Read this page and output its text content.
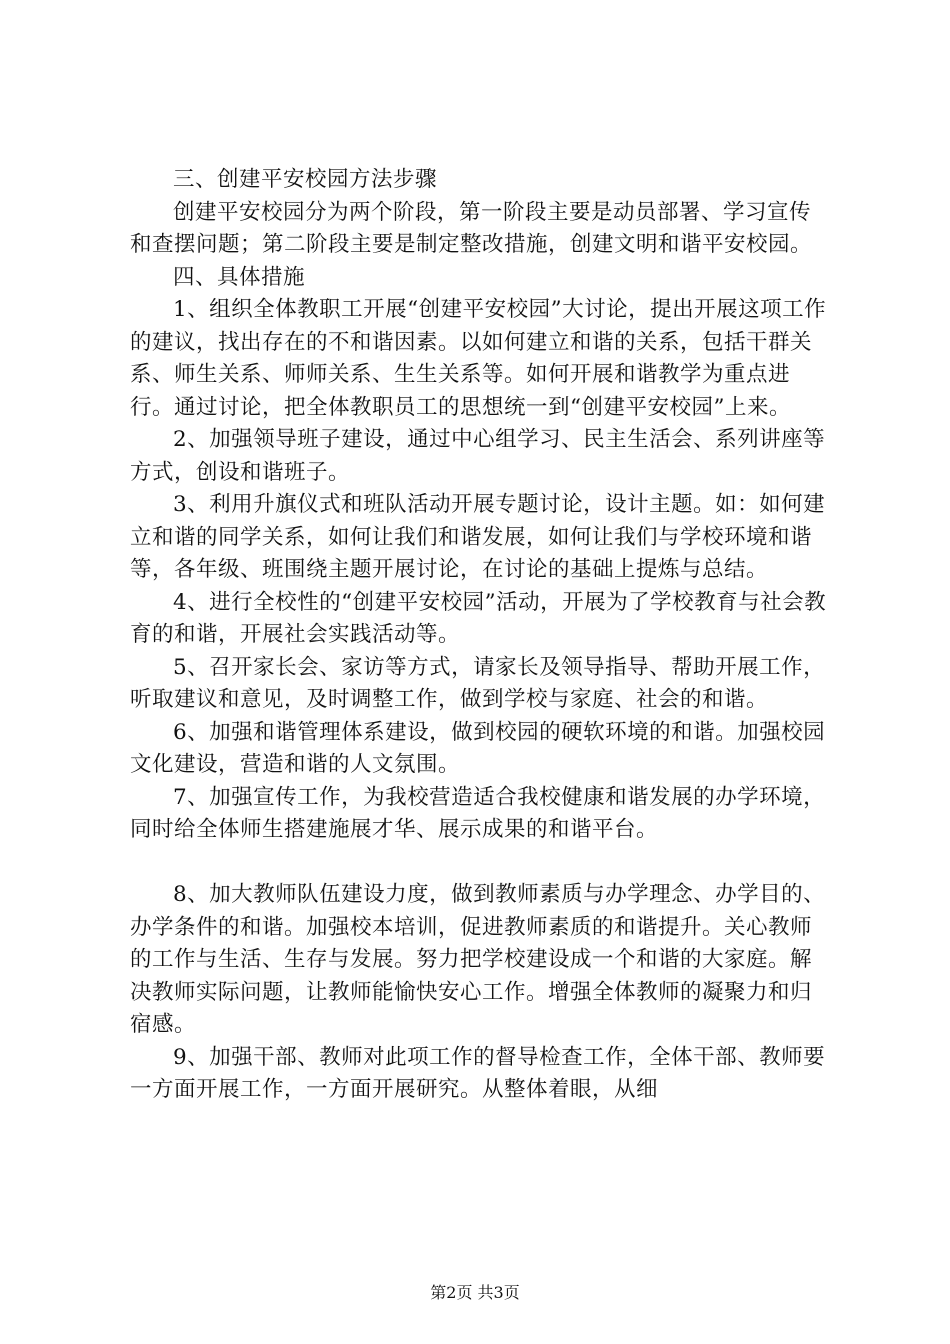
三、创建平安校园方法步骤

创建平安校园分为两个阶段，第一阶段主要是动员部署、学习宣传和查摆问题；第二阶段主要是制定整改措施，创建文明和谐平安校园。

四、具体措施

1、组织全体教职工开展“创建平安校园”大讨论，提出开展这项工作的建议，找出存在的不和谐因素。以如何建立和谐的关系，包括干群关系、师生关系、师师关系、生生关系等。如何开展和谐教学为重点进行。通过讨论，把全体教职员工的思想统一到“创建平安校园”上来。

2、加强领导班子建设，通过中心组学习、民主生活会、系列讲座等方式，创设和谐班子。

3、利用升旗仪式和班队活动开展专题讨论，设计主题。如：如何建立和谐的同学关系，如何让我们和谐发展，如何让我们与学校环境和谐等，各年级、班围绕主题开展讨论，在讨论的基础上提炼与总结。

4、进行全校性的“创建平安校园”活动，开展为了学校教育与社会教育的和谐，开展社会实践活动等。

5、召开家长会、家访等方式，请家长及领导指导、帮助开展工作，听取建议和意见，及时调整工作，做到学校与家庭、社会的和谐。

6、加强和谐管理体系建设，做到校园的硬软环境的和谐。加强校园文化建设，营造和谐的人文氛围。

7、加强宣传工作，为我校营造适合我校健康和谐发展的办学环境，同时给全体师生搭建施展才华、展示成果的和谐平台。

8、加大教师队伍建设力度，做到教师素质与办学理念、办学目的、办学条件的和谐。加强校本培训，促进教师素质的和谐提升。关心教师的工作与生活、生存与发展。努力把学校建设成一个和谐的大家庭。解决教师实际问题，让教师能愉快安心工作。增强全体教师的凝聚力和归宿感。

9、加强干部、教师对此项工作的督导检查工作，全体干部、教师要一方面开展工作，一方面开展研究。从整体着眼，从细

第2页 共3页
